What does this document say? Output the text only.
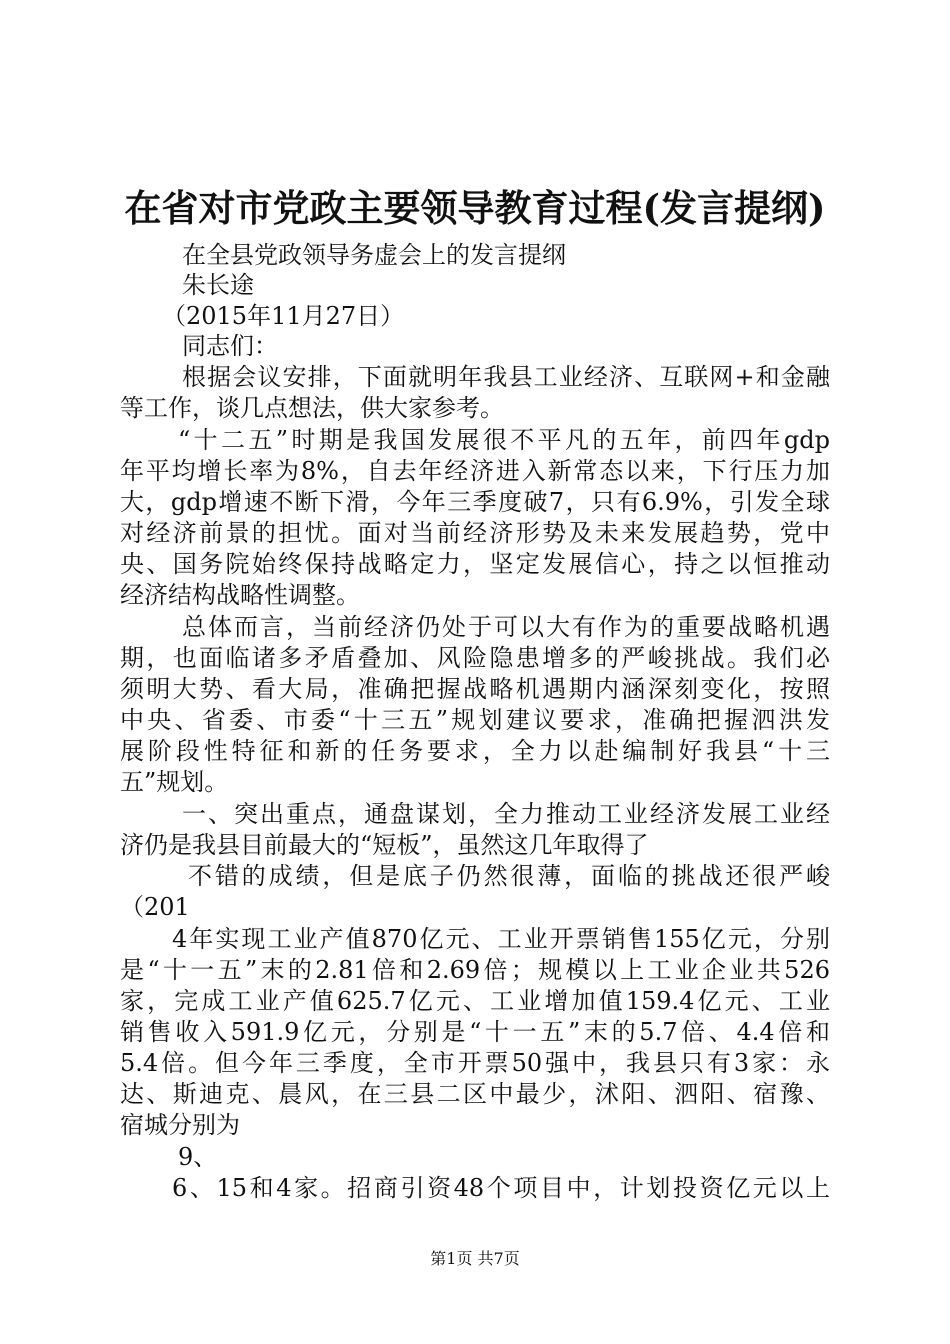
在省对市党政主要领导教育过程(发言提纲)

在全县党政领导务虚会上的发言提纲

朱长途

（2015年11月27日）

同志们：

根据会议安排，下面就明年我县工业经济、互联网+和金融

等工作，谈几点想法，供大家参考。

“十二五”时期是我国发展很不平凡的五年，前四年gdp

年平均增长率为8%，自去年经济进入新常态以来，下行压力加

大，gdp增速不断下滑，今年三季度破7，只有6.9%，引发全球

对经济前景的担忧。面对当前经济形势及未来发展趋势，党中

央、国务院始终保持战略定力，坚定发展信心，持之以恒推动

经济结构战略性调整。

总体而言，当前经济仍处于可以大有作为的重要战略机遇

期，也面临诸多矛盾叠加、风险隐患增多的严峻挑战。我们必

须明大势、看大局，准确把握战略机遇期内涵深刻变化，按照

中央、省委、市委“十三五”规划建议要求，准确把握泗洪发

展阶段性特征和新的任务要求，全力以赴编制好我县“十三

五”规划。

一、突出重点，通盘谋划，全力推动工业经济发展工业经

济仍是我县目前最大的“短板”，虽然这几年取得了

不错的成绩，但是底子仍然很薄，面临的挑战还很严峻

（201

4年实现工业产值870亿元、工业开票销售155亿元，分别

是“十一五”末的2.81倍和2.69倍；规模以上工业企业共526

家，完成工业产值625.7亿元、工业增加值159.4亿元、工业

销售收入591.9亿元，分别是“十一五”末的5.7倍、4.4倍和

5.4倍。但今年三季度，全市开票50强中，我县只有3家：永

达、斯迪克、晨风，在三县二区中最少，沭阳、泗阳、宿豫、

宿城分别为

9、

6、15和4家。招商引资48个项目中，计划投资亿元以上

第1页 共7页
